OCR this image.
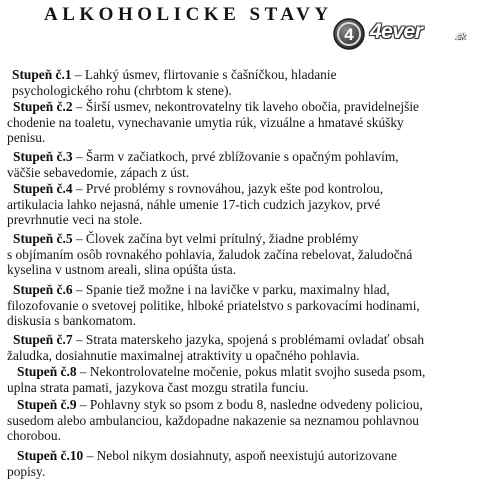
ALKOHOLICKE STAVY
4 4ever	.sk
Stupeň č.1 – Lahký úsmev, flirtovanie s čašníčkou, hladanie
psychologického rohu (chrbtom k stene).
Stupeň č.2 – Širší usmev, nekontrovatelny tik laveho obočia, pravidelnejšie
chodenie na toaletu, vynechavanie umytia rúk, vizuálne a hmatavé skúšky
penisu.
Stupeň č.3 – Šarm v začiatkoch, prvé zblížovanie s opačným pohlavím,
väčšie sebavedomie, zápach z úst.
Stupeň č.4 – Prvé problémy s rovnováhou, jazyk ešte pod kontrolou,
artikulacia lahko nejasná, náhle umenie 17-tich cudzich jazykov, prvé
prevrhnutie veci na stole.
Stupeň č.5 – Človek začína byt velmi prítulný, žiadne problémy
s objímaním osôb rovnakého pohlavia, žaludok začína rebelovat, žaludočná
kyselina v ustnom areali, slina opúšta ústa.
Stupeň č.6 – Spanie tiež možne i na lavičke v parku, maximalny hlad,
filozofovanie o svetovej politike, hlboké priatelstvo s parkovacími hodinami,
diskusia s bankomatom.
Stupeň č.7 – Strata materskeho jazyka, spojená s problémami ovladať obsah
žaludka, dosiahnutie maximalnej atraktivity u opačného pohlavia.
Stupeň č.8 – Nekontrolovatelne močenie, pokus mlatit svojho suseda psom,
uplna strata pamati, jazykova čast mozgu stratila funciu.
Stupeň č.9 – Pohlavny styk so psom z bodu 8, nasledne odvedeny policiou,
susedom alebo ambulanciou, každopadne nakazenie sa neznamou pohlavnou
chorobou.
Stupeň č.10 – Nebol nikym dosiahnuty, aspoň neexistujú autorizovane
popisy.
